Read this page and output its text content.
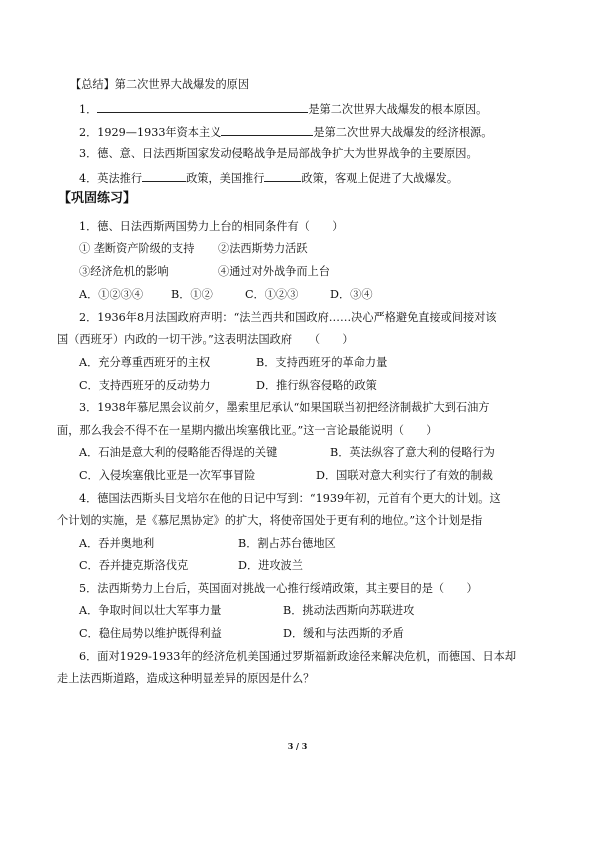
【总结】第二次世界大战爆发的原因
1．	是第二次世界大战爆发的根本原因。
2．1929—1933年资本主义	是第二次世界大战爆发的经济根源。
3．德、意、日法西斯国家发动侵略战争是局部战争扩大为世界战争的主要原因。
4．英法推行	政策，美国推行	政策，客观上促进了大战爆发。
【巩固练习】
1．德、日法西斯两国势力上台的相同条件有（　　）
① 垄断资产阶级的支持 ②法西斯势力活跃
③经济危机的影响	④通过对外战争而上台
A．①②③④ B．①②	C．①②③	D．③④
2．1936年8月法国政府声明：“法兰西共和国政府……决心严格避免直接或间接对该
国（西班牙）内政的一切干涉。”这表明法国政府　　（　　）
A．充分尊重西班牙的主权	B．支持西班牙的革命力量
C．支持西班牙的反动势力	D．推行纵容侵略的政策
3．1938年慕尼黑会议前夕，墨索里尼承认“如果国联当初把经济制裁扩大到石油方
面，那么我会不得不在一星期内撤出埃塞俄比亚。”这一言论最能说明（　　）
A．石油是意大利的侵略能否得逞的关键	B．英法纵容了意大利的侵略行为
C．入侵埃塞俄比亚是一次军事冒险	D．国联对意大利实行了有效的制裁
4．德国法西斯头目戈培尔在他的日记中写到：“1939年初，元首有个更大的计划。这
个计划的实施，是《慕尼黑协定》的扩大，将使帝国处于更有利的地位。”这个计划是指
A．吞并奥地利	B．割占苏台德地区
C．吞并捷克斯洛伐克	D．进攻波兰
5．法西斯势力上台后，英国面对挑战一心推行绥靖政策，其主要目的是（　　）
A．争取时间以壮大军事力量	B．挑动法西斯向苏联进攻
C．稳住局势以维护既得利益	D．缓和与法西斯的矛盾
6．面对1929-1933年的经济危机美国通过罗斯福新政途径来解决危机，而德国、日本却
走上法西斯道路，造成这种明显差异的原因是什么？
3 / 3
